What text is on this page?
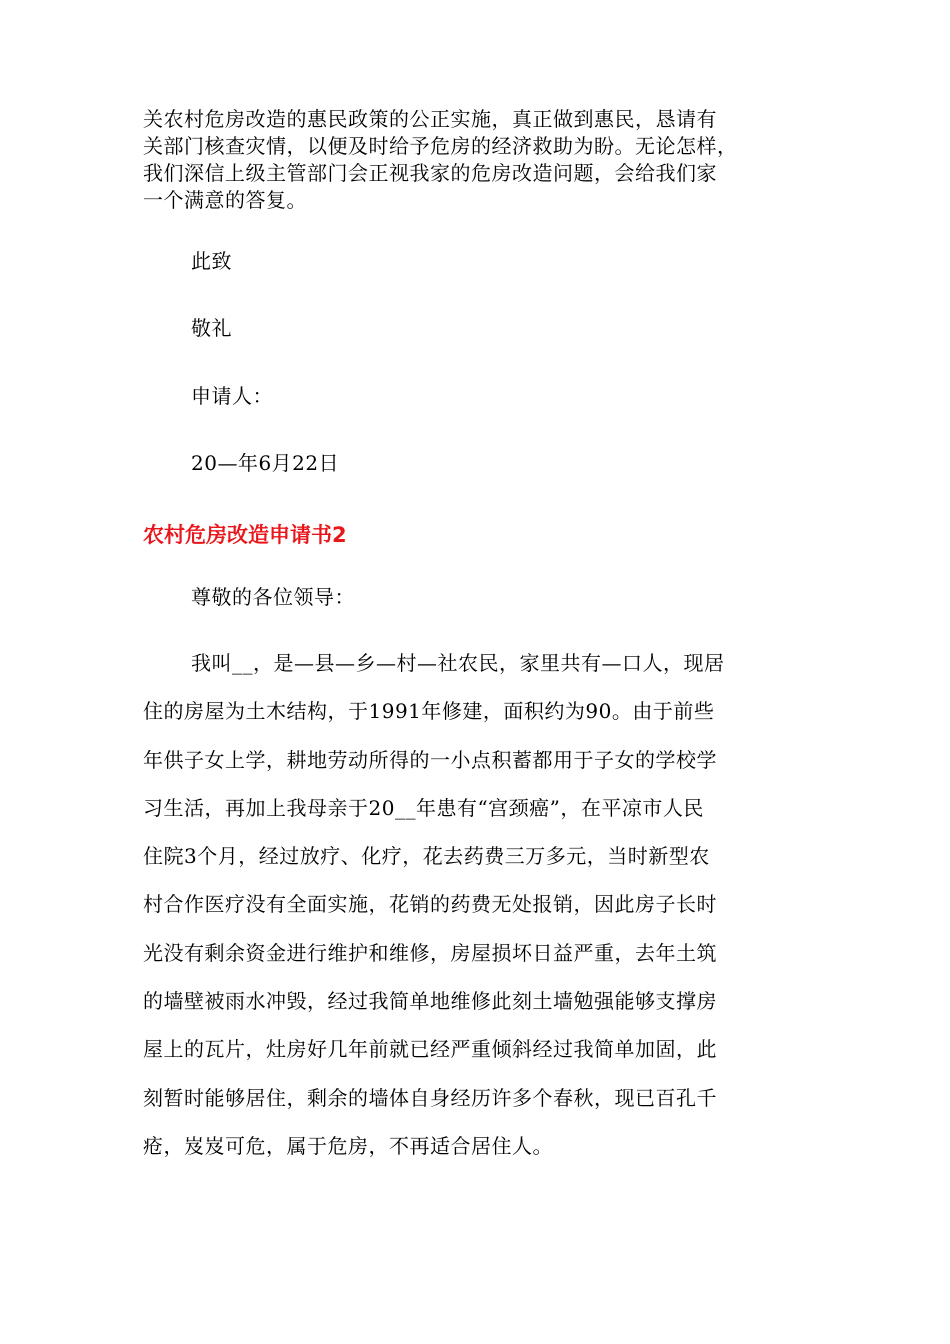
关农村危房改造的惠民政策的公正实施，真正做到惠民，恳请有
关部门核查灾情，以便及时给予危房的经济救助为盼。无论怎样，
我们深信上级主管部门会正视我家的危房改造问题，会给我们家
一个满意的答复。
此致
敬礼
申请人：
20—年6月22日
农村危房改造申请书2
尊敬的各位领导：
我叫__，是—县—乡—村—社农民，家里共有—口人，现居
住的房屋为土木结构，于1991年修建，面积约为90。由于前些
年供子女上学，耕地劳动所得的一小点积蓄都用于子女的学校学
习生活，再加上我母亲于20__年患有“宫颈癌”，在平凉市人民
住院3个月，经过放疗、化疗，花去药费三万多元，当时新型农
村合作医疗没有全面实施，花销的药费无处报销，因此房子长时
光没有剩余资金进行维护和维修，房屋损坏日益严重，去年土筑
的墙壁被雨水冲毁，经过我简单地维修此刻土墙勉强能够支撑房
屋上的瓦片，灶房好几年前就已经严重倾斜经过我简单加固，此
刻暂时能够居住，剩余的墙体自身经历许多个春秋，现已百孔千
疮，岌岌可危，属于危房，不再适合居住人。
